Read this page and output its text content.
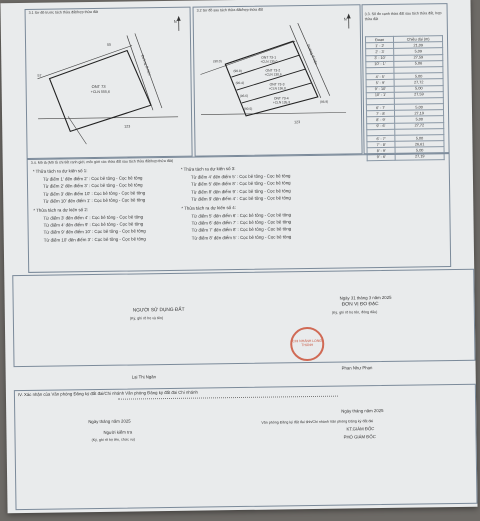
3.1 Sơ đồ trước tách thửa đất/hợp thửa đất	3.2 Sơ đồ sau tách thửa đất/hợp thửa đất
3.3. Số đo cạnh thửa đất sau tách thửa đất, hợp thửa đất
N
ONT 73
+CLN 555,6
Đường đi hiện
55
57
123
N
ONT 73-1
+CLN 135,0
ONT 73-2
+CLN 138,6
ONT 73-3
+CLN 136,8
ONT 73-4
+CLN 135,3
(90.0)
(90.0)
(90.4)
(96.6)
(90.5)
(96.9)
Đường đi hiện
123
Đoạn	Chiều dài (m)
1' - 2'	21,09
2' - 3'	5,09
3' - 10'	27,59
10' - 1'	5,06

4' - 5'	5,00
5' - 9'	27,72
9' - 10'	5,00
10' - 1'	27,59

6' - 7'	5,00
7' - 8'	27,19
8' - 9'	5,00
9' - 6'	27,72

6' - 7'	5,00
7' - 8'	26,61
8' - 9'	5,00
9' - 6'	27,19
3.4. Mô tả (Mô tả chi tiết ranh giới, mốc giới các thửa đất sau tách thửa đất/hợp thửa đất)
* Thửa tách ra dự kiến số 1:
Từ điểm 1' đến điểm 2' : Cọc bê tông - Cọc bê tông
Từ điểm 2' đến điểm 3' : Cọc bê tông - Cọc bê tông
Từ điểm 3' đến điểm 10' : Cọc bê tông - Cọc bê tông
Từ điểm 10' đến điểm 1' : Cọc bê tông - Cọc bê tông
* Thửa tách ra dự kiến số 2:
Từ điểm 3' đến điểm 4' : Cọc bê tông - Cọc bê tông
Từ điểm 4' đến điểm 9' : Cọc bê tông - Cọc bê tông
Từ điểm 9' đến điểm 10' : Cọc bê tông - Cọc bê tông
Từ điểm 10' đến điểm 3' : Cọc bê tông - Cọc bê tông
* Thửa tách ra dự kiến số 3:
Từ điểm 4' đến điểm 5' : Cọc bê tông - Cọc bê tông
Từ điểm 5' đến điểm 8' : Cọc bê tông - Cọc bê tông
Từ điểm 8' đến điểm 9' : Cọc bê tông - Cọc bê tông
Từ điểm 9' đến điểm 4' : Cọc bê tông - Cọc bê tông
* Thửa tách ra dự kiến số 4:
Từ điểm 5' đến điểm 6' : Cọc bê tông - Cọc bê tông
Từ điểm 6' đến điểm 7' : Cọc bê tông - Cọc bê tông
Từ điểm 7' đến điểm 8' : Cọc bê tông - Cọc bê tông
Từ điểm 8' đến điểm 5' : Cọc bê tông - Cọc bê tông
Ngày 31 tháng 3 năm 2025
NGƯỜI SỬ DỤNG ĐẤT
ĐƠN VỊ ĐO ĐẠC
(Ký, ghi rõ họ và tên)
(Ký, ghi rõ họ tên, đóng dấu)
CHI NHÁNH LONG THÀNH
Lại Thị Ngân
Phan Như Phan
IV. Xác nhận của Văn phòng Đăng ký đất đai/Chi nhánh Văn phòng Đăng ký đất đai Chi nhánh
Ngày tháng năm 2025
Ngày tháng năm 2025
Người kiểm tra
Văn phòng Đăng ký đất đai tỉnh/Chi nhánh Văn phòng Đăng ký đất đai
KT.GIÁM ĐỐC
(Ký, ghi rõ họ tên, chức vụ)
PHÓ GIÁM ĐỐC
